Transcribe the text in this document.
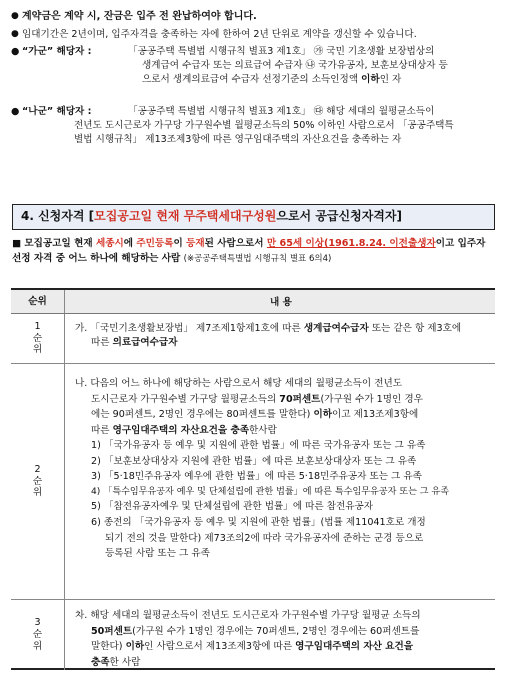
● 계약금은 계약 시, 잔금은 입주 전 완납하여야 합니다.
● 임대기간은 2년이며, 입주자격을 충족하는 자에 한하여 2년 단위로 계약을 갱신할 수 있습니다.
● “가군” 해당자 :	「공공주택 특별법 시행규칙 별표3 제1호」 ㉮ 국민 기초생활 보장법상의
생계급여 수급자 또는 의료급여 수급자 ㉯ 국가유공자, 보훈보상대상자 등
으로서 생계의료급여 수급자 선정기준의 소득인정액 이하인 자
● “나군” 해당자 :	「공공주택 특별법 시행규칙 별표3 제1호」 ㉰ 해당 세대의 월평균소득이
전년도 도시근로자 가구당 가구원수별 월평균소득의 50% 이하인 사람으로서 「공공주택특
별법 시행규칙」 제13조제3항에 따른 영구임대주택의 자산요건을 충족하는 자
4. 신청자격 [ 모집공고일 현재 무주택세대구성원 으로서 공급신청자격자]
■ 모집공고일 현재 세종시에 주민등록이 등재된 사람으로서 만 65세 이상(1961.8.24. 이전출생자이고 입주자 선정 자격 중 어느 하나에 해당하는 사람 (※공공주택특별법 시행규칙 별표 6의4)
순위	내 용
1
순
위
가. 「국민기초생활보장법」 제7조제1항제1호에 따른 생계급여수급자 또는 같은 항 제3호에
따른 의료급여수급자
2
순
위
나. 다음의 어느 하나에 해당하는 사람으로서 해당 세대의 월평균소득이 전년도
도시근로자 가구원수별 가구당 월평균소득의 70퍼센트(가구원 수가 1명인 경우
에는 90퍼센트, 2명인 경우에는 80퍼센트를 말한다) 이하이고 제13조제3항에
따른 영구임대주택의 자산요건을 충족한사람
1) 「국가유공자 등 예우 및 지원에 관한 법률」에 따른 국가유공자 또는 그 유족
2) 「보훈보상대상자 지원에 관한 법률」에 따른 보훈보상대상자 또는 그 유족
3) 「5·18민주유공자 예우에 관한 법률」에 따른 5·18민주유공자 또는 그 유족
4) 「특수임무유공자 예우 및 단체설립에 관한 법률」에 따른 특수임무유공자 또는 그 유족
5) 「참전유공자예우 및 단체설립에 관한 법률」에 따른 참전유공자
6) 종전의 「국가유공자 등 예우 및 지원에 관한 법률」(법률 제11041호로 개정
되기 전의 것을 말한다) 제73조의2에 따라 국가유공자에 준하는 군경 등으로
등록된 사람 또는 그 유족
3
순
위
차. 해당 세대의 월평균소득이 전년도 도시근로자 가구원수별 가구당 월평균 소득의
50퍼센트(가구원 수가 1명인 경우에는 70퍼센트, 2명인 경우에는 60퍼센트를
말한다) 이하인 사람으로서 제13조제3항에 따른 영구임대주택의 자산 요건을
충족한 사람
